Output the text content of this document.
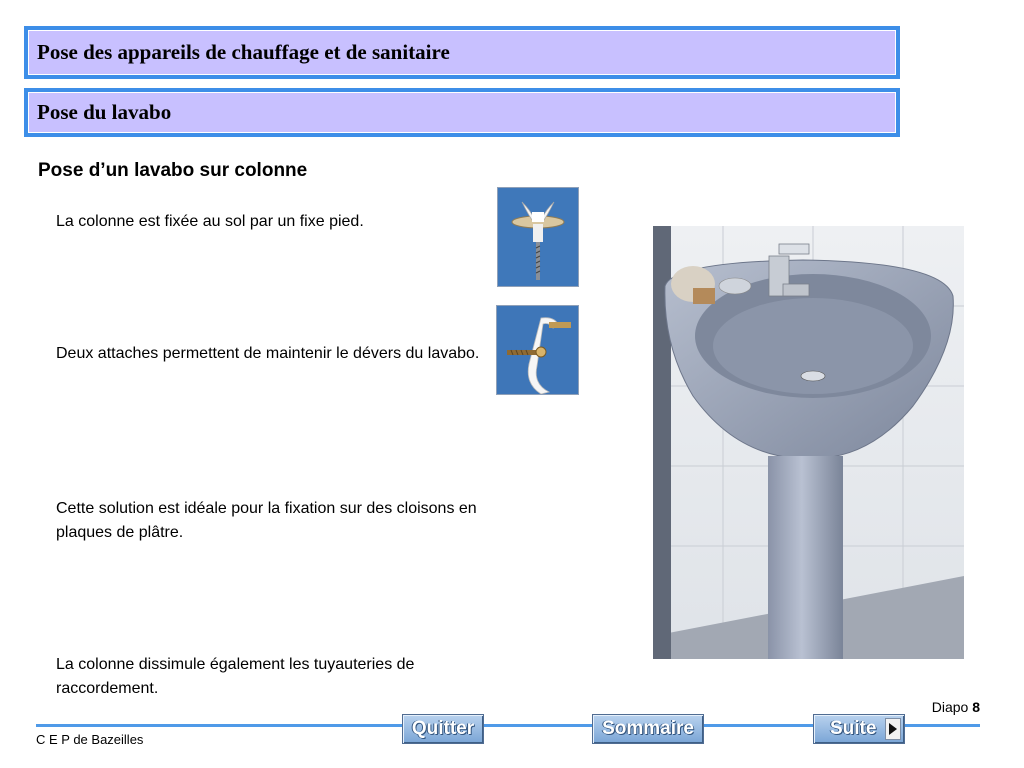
Pose des appareils de chauffage et de sanitaire
Pose du lavabo
Pose d’un lavabo sur colonne
La colonne est fixée au sol par un fixe pied.
Deux attaches permettent de maintenir le dévers du lavabo.
Cette solution est idéale pour la fixation sur des cloisons en plaques de plâtre.
La colonne dissimule également les tuyauteries de raccordement.
Diapo 8
C E P de Bazeilles
Quitter	Sommaire	Suite
